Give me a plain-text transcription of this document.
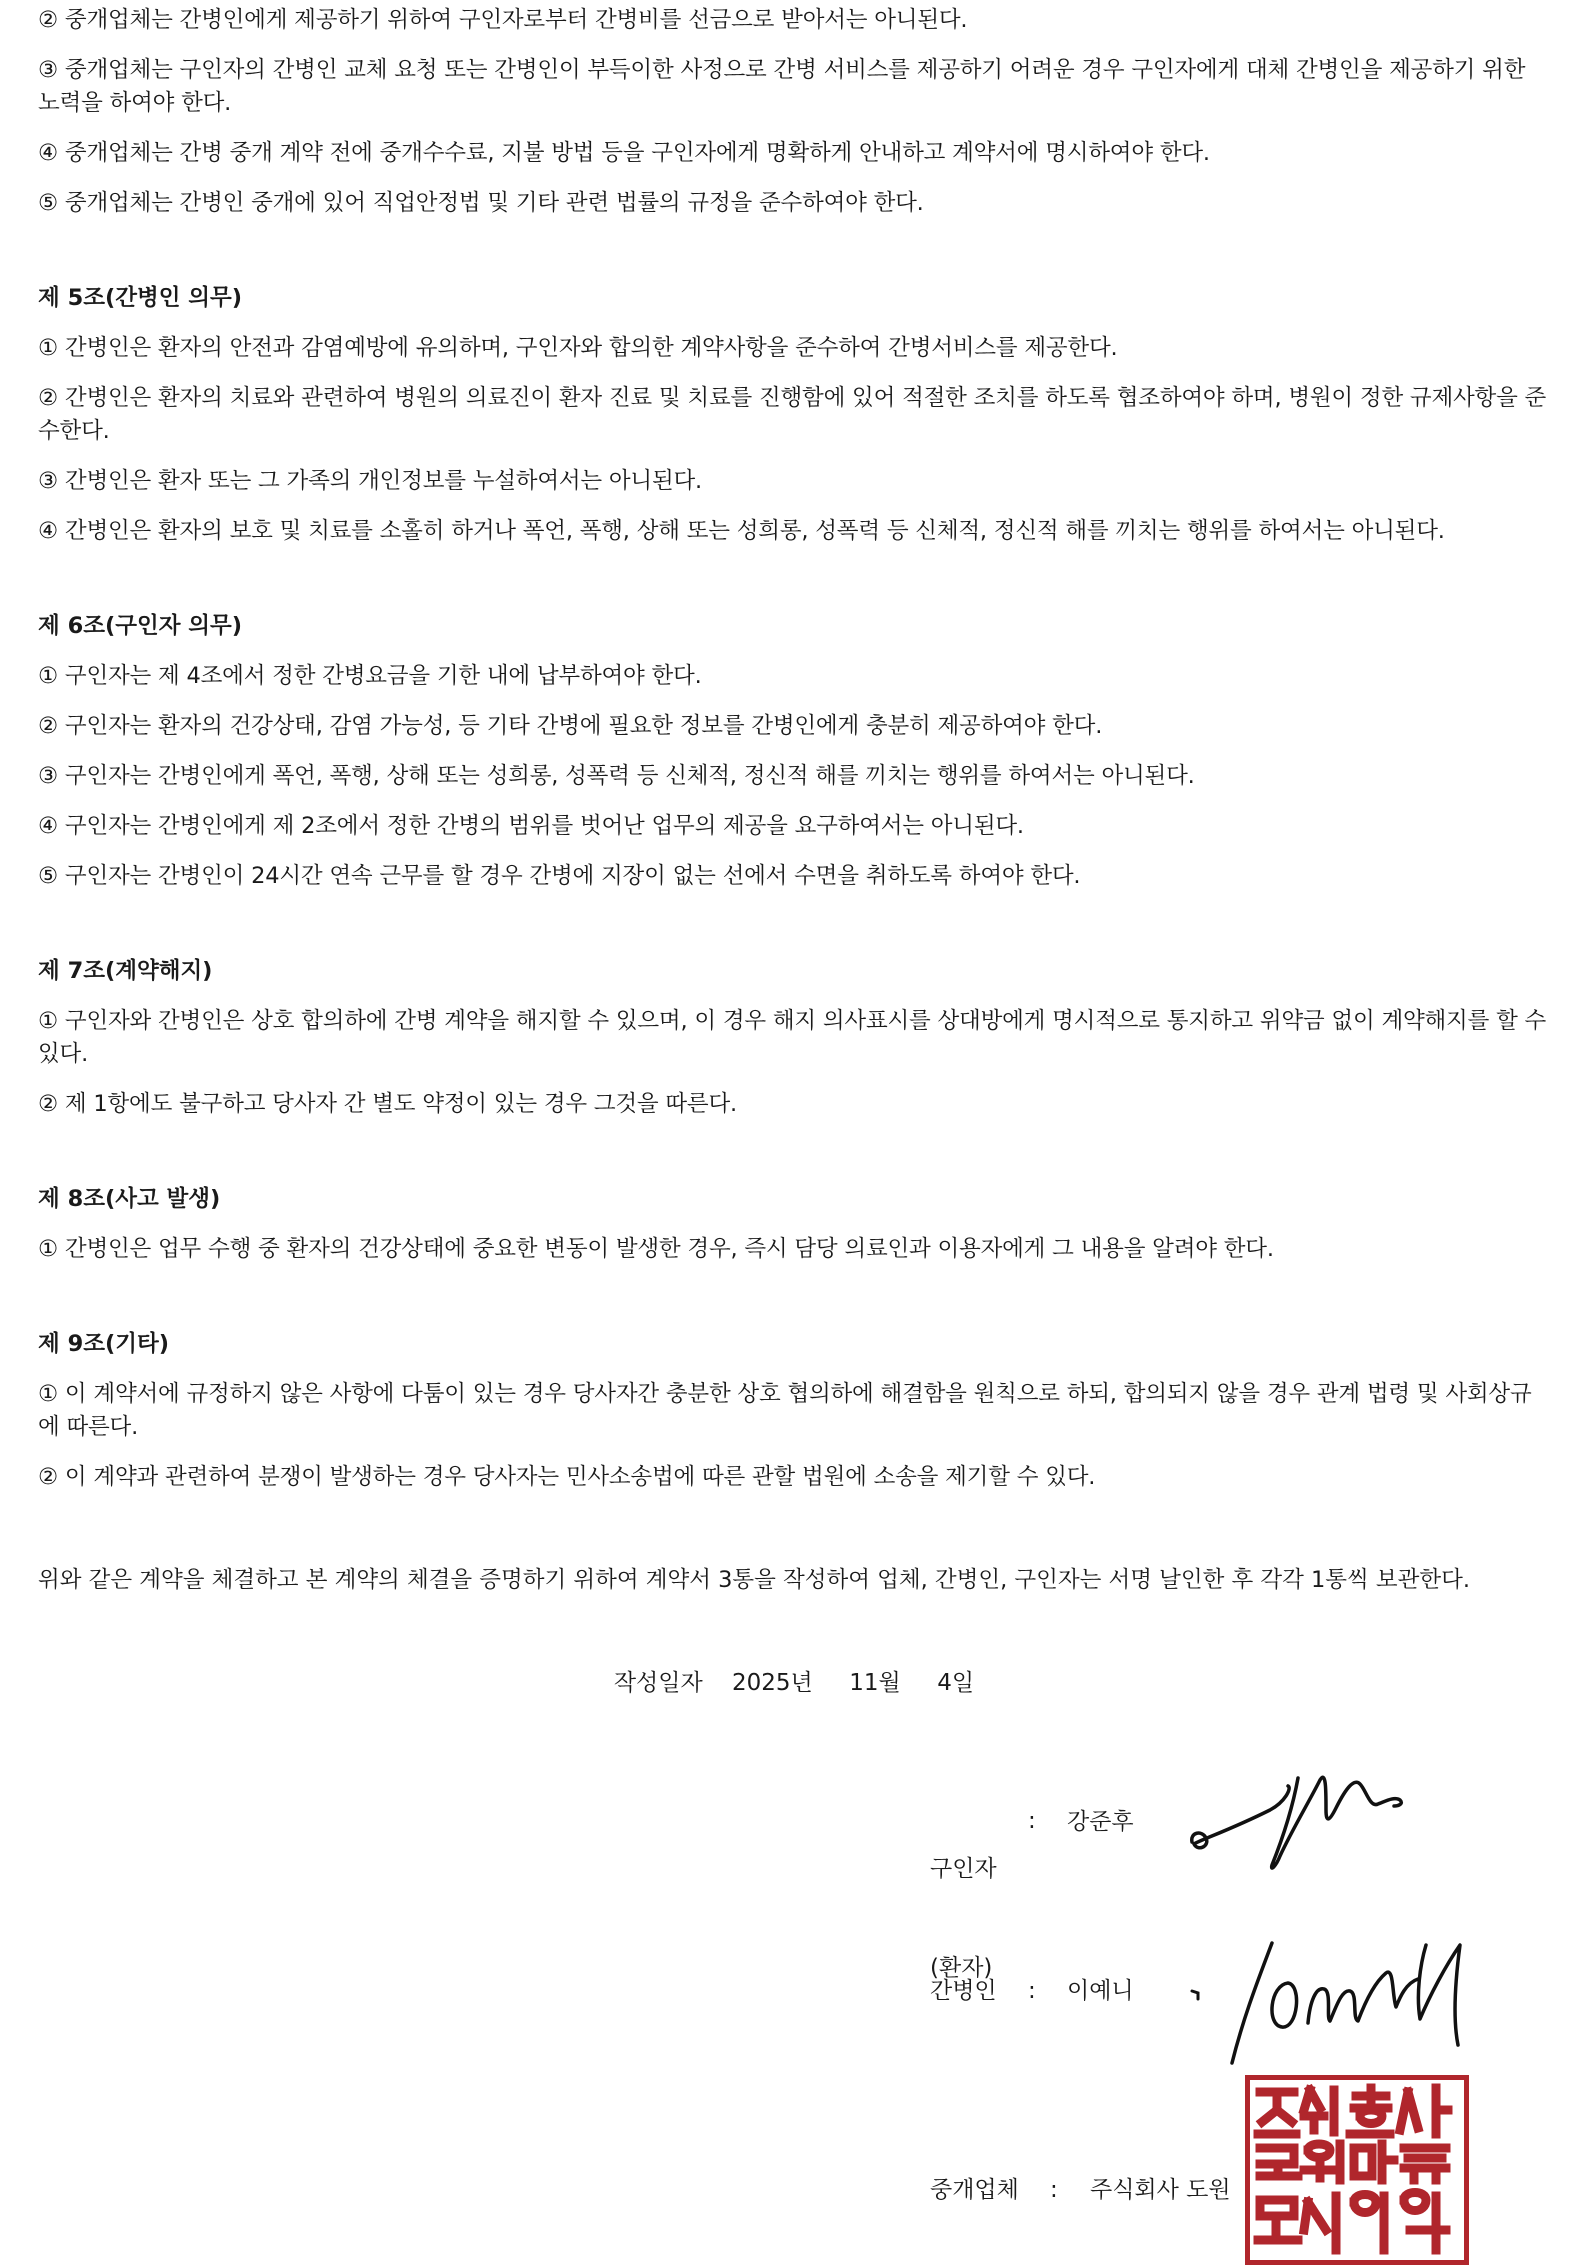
② 중개업체는 간병인에게 제공하기 위하여 구인자로부터 간병비를 선금으로 받아서는 아니된다.

③ 중개업체는 구인자의 간병인 교체 요청 또는 간병인이 부득이한 사정으로 간병 서비스를 제공하기 어려운 경우 구인자에게 대체 간병인을 제공하기 위한 노력을 하여야 한다.

④ 중개업체는 간병 중개 계약 전에 중개수수료, 지불 방법 등을 구인자에게 명확하게 안내하고 계약서에 명시하여야 한다.

⑤ 중개업체는 간병인 중개에 있어 직업안정법 및 기타 관련 법률의 규정을 준수하여야 한다.

제 5조(간병인 의무)

① 간병인은 환자의 안전과 감염예방에 유의하며, 구인자와 합의한 계약사항을 준수하여 간병서비스를 제공한다.

② 간병인은 환자의 치료와 관련하여 병원의 의료진이 환자 진료 및 치료를 진행함에 있어 적절한 조치를 하도록 협조하여야 하며, 병원이 정한 규제사항을 준수한다.

③ 간병인은 환자 또는 그 가족의 개인정보를 누설하여서는 아니된다.

④ 간병인은 환자의 보호 및 치료를 소홀히 하거나 폭언, 폭행, 상해 또는 성희롱, 성폭력 등 신체적, 정신적 해를 끼치는 행위를 하여서는 아니된다.

제 6조(구인자 의무)

① 구인자는 제 4조에서 정한 간병요금을 기한 내에 납부하여야 한다.

② 구인자는 환자의 건강상태, 감염 가능성, 등 기타 간병에 필요한 정보를 간병인에게 충분히 제공하여야 한다.

③ 구인자는 간병인에게 폭언, 폭행, 상해 또는 성희롱, 성폭력 등 신체적, 정신적 해를 끼치는 행위를 하여서는 아니된다.

④ 구인자는 간병인에게 제 2조에서 정한 간병의 범위를 벗어난 업무의 제공을 요구하여서는 아니된다.

⑤ 구인자는 간병인이 24시간 연속 근무를 할 경우 간병에 지장이 없는 선에서 수면을 취하도록 하여야 한다.

제 7조(계약해지)

① 구인자와 간병인은 상호 합의하에 간병 계약을 해지할 수 있으며, 이 경우 해지 의사표시를 상대방에게 명시적으로 통지하고 위약금 없이 계약해지를 할 수 있다.

② 제 1항에도 불구하고 당사자 간 별도 약정이 있는 경우 그것을 따른다.

제 8조(사고 발생)

① 간병인은 업무 수행 중 환자의 건강상태에 중요한 변동이 발생한 경우, 즉시 담당 의료인과 이용자에게 그 내용을 알려야 한다.

제 9조(기타)

① 이 계약서에 규정하지 않은 사항에 다툼이 있는 경우 당사자간 충분한 상호 협의하에 해결함을 원칙으로 하되, 합의되지 않을 경우 관계 법령 및 사회상규에 따른다.

② 이 계약과 관련하여 분쟁이 발생하는 경우 당사자는 민사소송법에 따른 관할 법원에 소송을 제기할 수 있다.

위와 같은 계약을 체결하고 본 계약의 체결을 증명하기 위하여 계약서 3통을 작성하여 업체, 간병인, 구인자는 서명 날인한 후 각각 1통씩 보관한다.

작성일자    2025년     11월     4일

구인자

(환자)

: 강준후
간병인 : 이예니
중개업체 : 주식회사 도원
